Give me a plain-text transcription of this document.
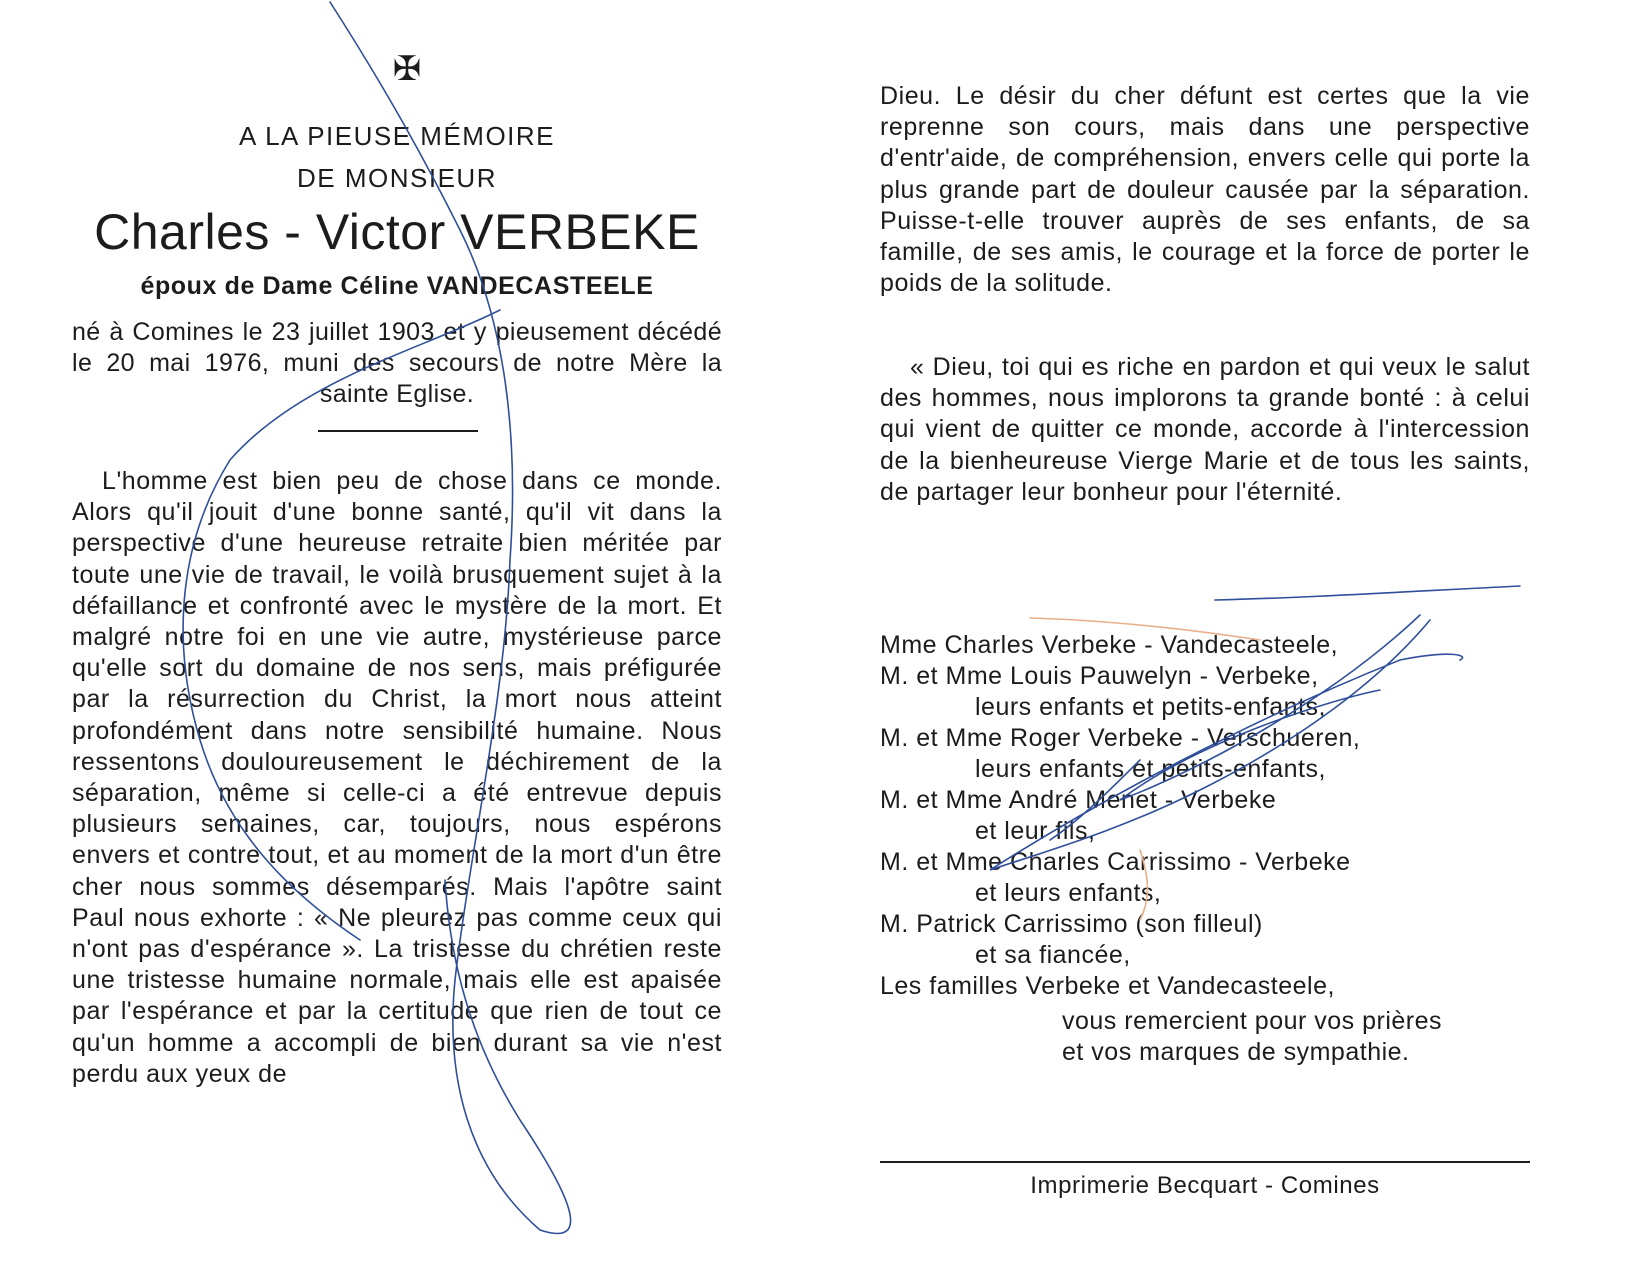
✠
A LA PIEUSE MÉMOIRE
DE MONSIEUR
Charles - Victor VERBEKE
époux de Dame Céline VANDECASTEELE
né à Comines le 23 juillet 1903 et y pieusement décédé le 20 mai 1976, muni des secours de notre Mère la sainte Eglise.

L'homme est bien peu de chose dans ce monde. Alors qu'il jouit d'une bonne santé, qu'il vit dans la perspective d'une heureuse retraite bien méritée par toute une vie de travail, le voilà brusquement sujet à la défaillance et confronté avec le mystère de la mort. Et malgré notre foi en une vie autre, mystérieuse parce qu'elle sort du domaine de nos sens, mais préfigurée par la résurrection du Christ, la mort nous atteint profondément dans notre sensibilité humaine. Nous ressentons douloureusement le déchirement de la séparation, même si celle-ci a été entrevue depuis plusieurs semaines, car, toujours, nous espérons envers et contre tout, et au moment de la mort d'un être cher nous sommes désemparés. Mais l'apôtre saint Paul nous exhorte : « Ne pleurez pas comme ceux qui n'ont pas d'espérance ». La tristesse du chrétien reste une tristesse humaine normale, mais elle est apaisée par l'espérance et par la certitude que rien de tout ce qu'un homme a accompli de bien durant sa vie n'est perdu aux yeux de

Dieu. Le désir du cher défunt est certes que la vie reprenne son cours, mais dans une perspective d'entr'aide, de compréhension, envers celle qui porte la plus grande part de douleur causée par la séparation. Puisse-t-elle trouver auprès de ses enfants, de sa famille, de ses amis, le courage et la force de porter le poids de la solitude.

« Dieu, toi qui es riche en pardon et qui veux le salut des hommes, nous implorons ta grande bonté : à celui qui vient de quitter ce monde, accorde à l'intercession de la bienheureuse Vierge Marie et de tous les saints, de partager leur bonheur pour l'éternité.

Mme Charles Verbeke - Vandecasteele,
M. et Mme Louis Pauwelyn - Verbeke,
leurs enfants et petits-enfants,
M. et Mme Roger Verbeke - Verschueren,
leurs enfants et petits-enfants,
M. et Mme André Menet - Verbeke
et leur fils,
M. et Mme Charles Carrissimo - Verbeke
et leurs enfants,
M. Patrick Carrissimo (son filleul)
et sa fiancée,
Les familles Verbeke et Vandecasteele,
vous remercient pour vos prières
et vos marques de sympathie.
Imprimerie Becquart - Comines
